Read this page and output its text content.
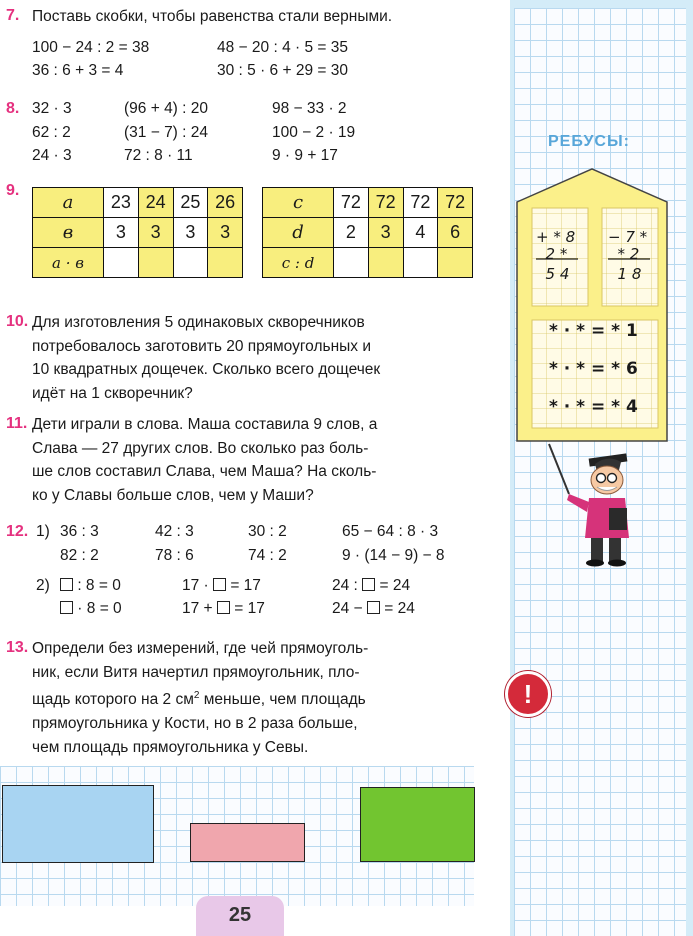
7. Поставь скобки, чтобы равенства стали верными.
100 − 24 : 2 = 38	48 − 20 : 4 · 5 = 35
36 : 6 + 3 = 4	30 : 5 · 6 + 29 = 30
8. 32 · 3	(96 + 4) : 20	98 − 33 · 2
62 : 2	(31 − 7) : 24	100 − 2 · 19
24 · 3	72 : 8 · 11	9 · 9 + 17
9.
a	23	24	25	26
в	3	3	3	3
a · в				
c	72	72	72	72
d	2	3	4	6
c : d				
10. Для изготовления 5 одинаковых скворечников
потребовалось заготовить 20 прямоугольных и
10 квадратных дощечек. Сколько всего дощечек
идёт на 1 скворечник?
11. Дети играли в слова. Маша составила 9 слов, а
Слава — 27 других слов. Во сколько раз боль-
ше слов составил Слава, чем Маша? На сколь-
ко у Славы больше слов, чем у Маши?
12. 1) 36 : 3	42 : 3	30 : 2	65 − 64 : 8 · 3
82 : 2	78 : 6	74 : 2	9 · (14 − 9) − 8
2)	: 8 = 0	17 ·  = 17	24 :  = 24
· 8 = 0	17 +  = 17	24 −  = 24
13. Определи без измерений, где чей прямоуголь-
ник, если Витя начертил прямоугольник, пло-
щадь которого на 2 $см^2$ меньше, чем площадь
прямоугольника у Кости, но в 2 раза больше,
чем площадь прямоугольника у Севы.
25
РЕБУСЫ:
+ * 8
2 *
5 4
− 7 *
* 2
1 8
* · * = * 1
* · * = * 6
* · * = * 4
!
